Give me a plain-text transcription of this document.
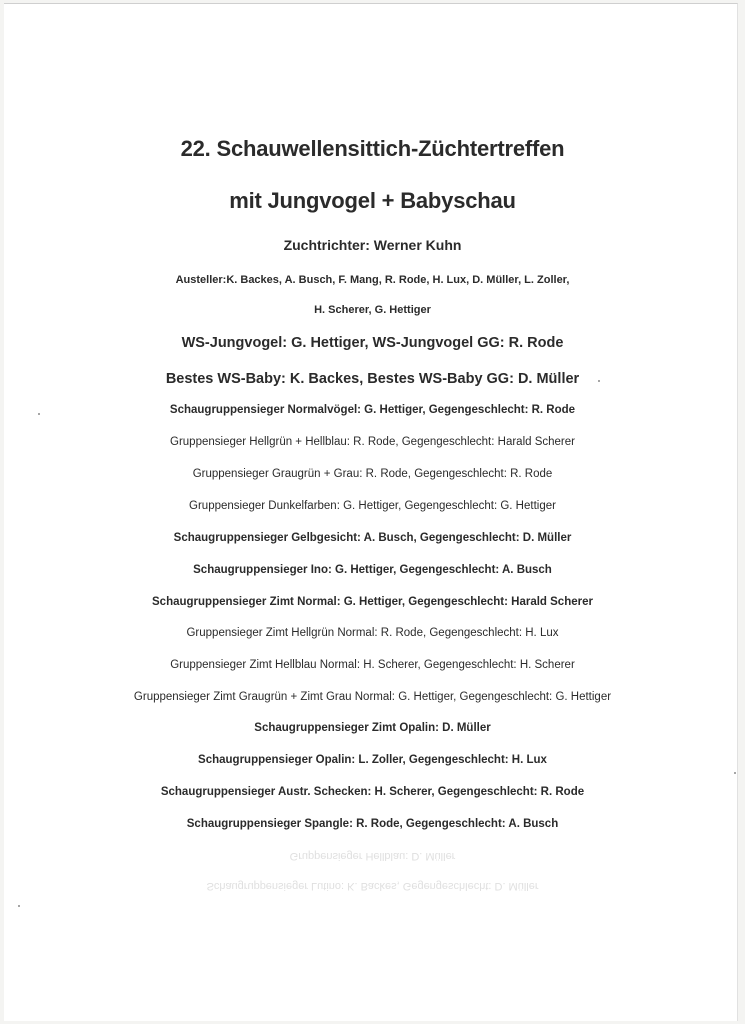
22. Schauwellensittich-Züchtertreffen

mit Jungvogel + Babyschau

Zuchtrichter: Werner Kuhn

Austeller:K. Backes, A. Busch, F. Mang, R. Rode, H. Lux, D. Müller, L. Zoller,

H. Scherer, G. Hettiger

WS-Jungvogel: G. Hettiger, WS-Jungvogel GG: R. Rode

Bestes WS-Baby: K. Backes, Bestes WS-Baby GG: D. Müller

Schaugruppensieger Normalvögel: G. Hettiger, Gegengeschlecht: R. Rode

Gruppensieger Hellgrün + Hellblau: R. Rode, Gegengeschlecht: Harald Scherer

Gruppensieger Graugrün + Grau: R. Rode, Gegengeschlecht: R. Rode

Gruppensieger Dunkelfarben: G. Hettiger, Gegengeschlecht: G. Hettiger

Schaugruppensieger Gelbgesicht: A. Busch, Gegengeschlecht: D. Müller

Schaugruppensieger Ino: G. Hettiger, Gegengeschlecht: A. Busch

Schaugruppensieger Zimt Normal: G. Hettiger, Gegengeschlecht: Harald Scherer

Gruppensieger Zimt Hellgrün Normal: R. Rode, Gegengeschlecht: H. Lux

Gruppensieger Zimt Hellblau Normal: H. Scherer, Gegengeschlecht: H. Scherer

Gruppensieger Zimt Graugrün + Zimt Grau Normal: G. Hettiger, Gegengeschlecht: G. Hettiger

Schaugruppensieger Zimt Opalin: D. Müller

Schaugruppensieger Opalin: L. Zoller, Gegengeschlecht: H. Lux

Schaugruppensieger Austr. Schecken: H. Scherer, Gegengeschlecht: R. Rode

Schaugruppensieger Spangle: R. Rode, Gegengeschlecht: A. Busch

Gruppensieger Hellblau: D. Müller
Schaugruppensieger Lutino: K. Backes, Gegengeschlecht: D. Müller
